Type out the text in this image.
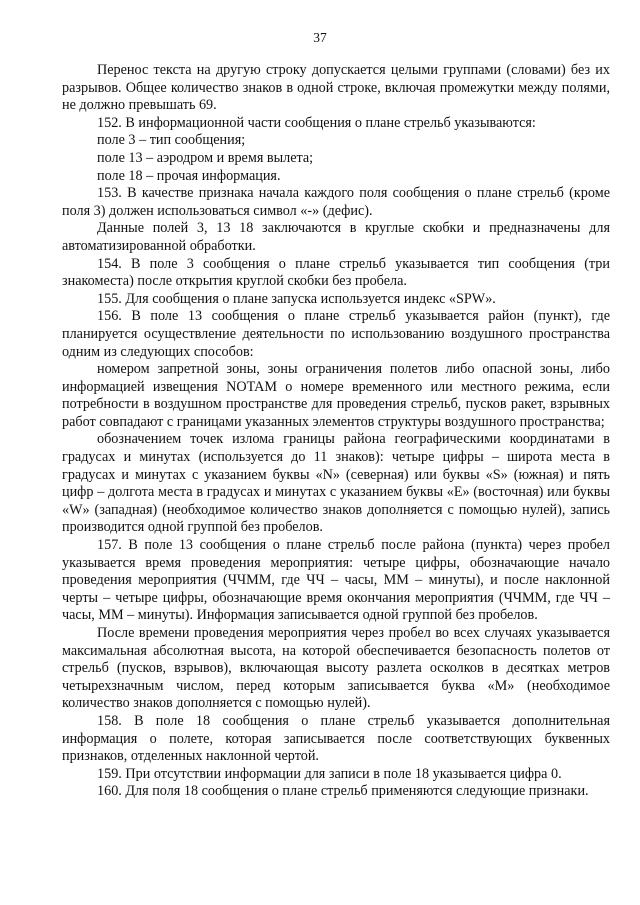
37

Перенос текста на другую строку допускается целыми группами (словами) без их разрывов. Общее количество знаков в одной строке, включая промежутки между полями, не должно превышать 69.

152. В информационной части сообщения о плане стрельб указываются:

поле 3 – тип сообщения;

поле 13 – аэродром и время вылета;

поле 18 – прочая информация.

153. В качестве признака начала каждого поля сообщения о плане стрельб (кроме поля 3) должен использоваться символ «-» (дефис).

Данные полей 3, 13 18 заключаются в круглые скобки и предназначены для автоматизированной обработки.

154. В поле 3 сообщения о плане стрельб указывается тип сообщения (три знакоместа) после открытия круглой скобки без пробела.

155. Для сообщения о плане запуска используется индекс «SPW».

156. В поле 13 сообщения о плане стрельб указывается район (пункт), где планируется осуществление деятельности по использованию воздушного пространства одним из следующих способов:

номером запретной зоны, зоны ограничения полетов либо опасной зоны, либо информацией извещения NOTAM о номере временного или местного режима, если потребности в воздушном пространстве для проведения стрельб, пусков ракет, взрывных работ совпадают с границами указанных элементов структуры воздушного пространства;

обозначением точек излома границы района географическими координатами в градусах и минутах (используется до 11 знаков): четыре цифры – широта места в градусах и минутах с указанием буквы «N» (северная) или буквы «S» (южная) и пять цифр – долгота места в градусах и минутах с указанием буквы «E» (восточная) или буквы «W» (западная) (необходимое количество знаков дополняется с помощью нулей), запись производится одной группой без пробелов.

157. В поле 13 сообщения о плане стрельб после района (пункта) через пробел указывается время проведения мероприятия: четыре цифры, обозначающие начало проведения мероприятия (ЧЧММ, где ЧЧ – часы, ММ – минуты), и после наклонной черты – четыре цифры, обозначающие время окончания мероприятия (ЧЧММ, где ЧЧ – часы, ММ – минуты). Информация записывается одной группой без пробелов.

После времени проведения мероприятия через пробел во всех случаях указывается максимальная абсолютная высота, на которой обеспечивается безопасность полетов от стрельб (пусков, взрывов), включающая высоту разлета осколков в десятках метров четырехзначным числом, перед которым записывается буква «М» (необходимое количество знаков дополняется с помощью нулей).

158. В поле 18 сообщения о плане стрельб указывается дополнительная информация о полете, которая записывается после соответствующих буквенных признаков, отделенных наклонной чертой.

159. При отсутствии информации для записи в поле 18 указывается цифра 0.

160. Для поля 18 сообщения о плане стрельб применяются следующие признаки.
